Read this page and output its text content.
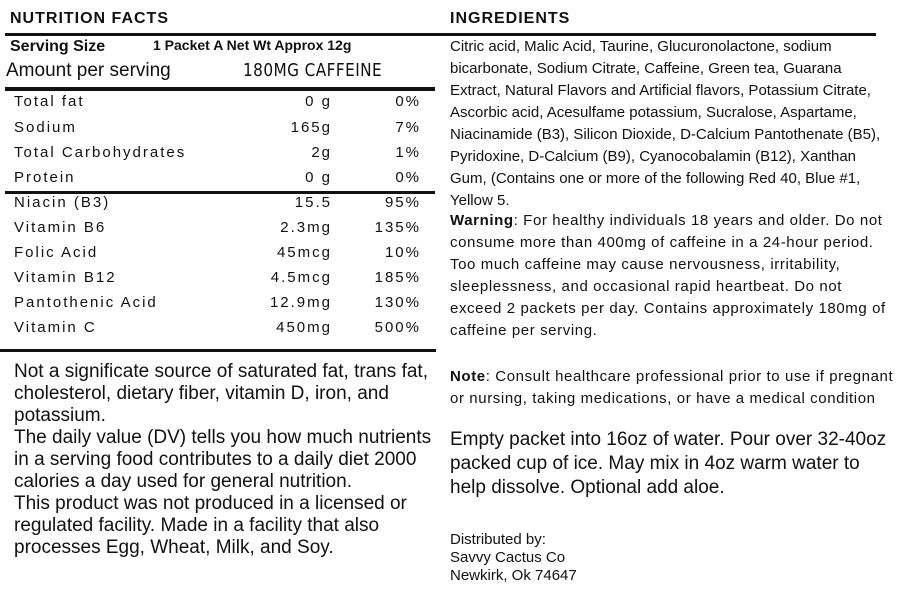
NUTRITION FACTS
Serving Size	1 Packet A Net Wt Approx 12g
Amount per serving	180MG CAFFEINE
Total fat	0 g	0%
Sodium	165g	7%
Total Carbohydrates	2g	1%
Protein	0 g	0%
Niacin (B3)	15.5	95%
Vitamin B6	2.3mg	135%
Folic Acid	45mcg	10%
Vitamin B12	4.5mcg	185%
Pantothenic Acid	12.9mg	130%
Vitamin C	450mg	500%

Not a significate source of saturated fat, trans fat, cholesterol, dietary fiber, vitamin D, iron, and potassium.

The daily value (DV) tells you how much nutrients in a serving food contributes to a daily diet 2000 calories a day used for general nutrition.

This product was not produced in a licensed or regulated facility. Made in a facility that also processes Egg, Wheat, Milk, and Soy.

INGREDIENTS
Citric acid, Malic Acid, Taurine, Glucuronolactone, sodium bicarbonate, Sodium Citrate, Caffeine, Green tea, Guarana Extract, Natural Flavors and Artificial flavors, Potassium Citrate, Ascorbic acid, Acesulfame potassium, Sucralose, Aspartame, Niacinamide (B3), Silicon Dioxide, D-Calcium Pantothenate (B5), Pyridoxine, D-Calcium (B9), Cyanocobalamin (B12), Xanthan Gum, (Contains one or more of the following Red 40, Blue #1, Yellow 5.
Warning: For healthy individuals 18 years and older. Do not consume more than 400mg of caffeine in a 24-hour period. Too much caffeine may cause nervousness, irritability, sleeplessness, and occasional rapid heartbeat. Do not exceed 2 packets per day. Contains approximately 180mg of caffeine per serving.
Note: Consult healthcare professional prior to use if pregnant or nursing, taking medications, or have a medical condition
Empty packet into 16oz of water. Pour over 32-40oz packed cup of ice. May mix in 4oz warm water to help dissolve. Optional add aloe.
Distributed by:
Savvy Cactus Co
Newkirk, Ok 74647
